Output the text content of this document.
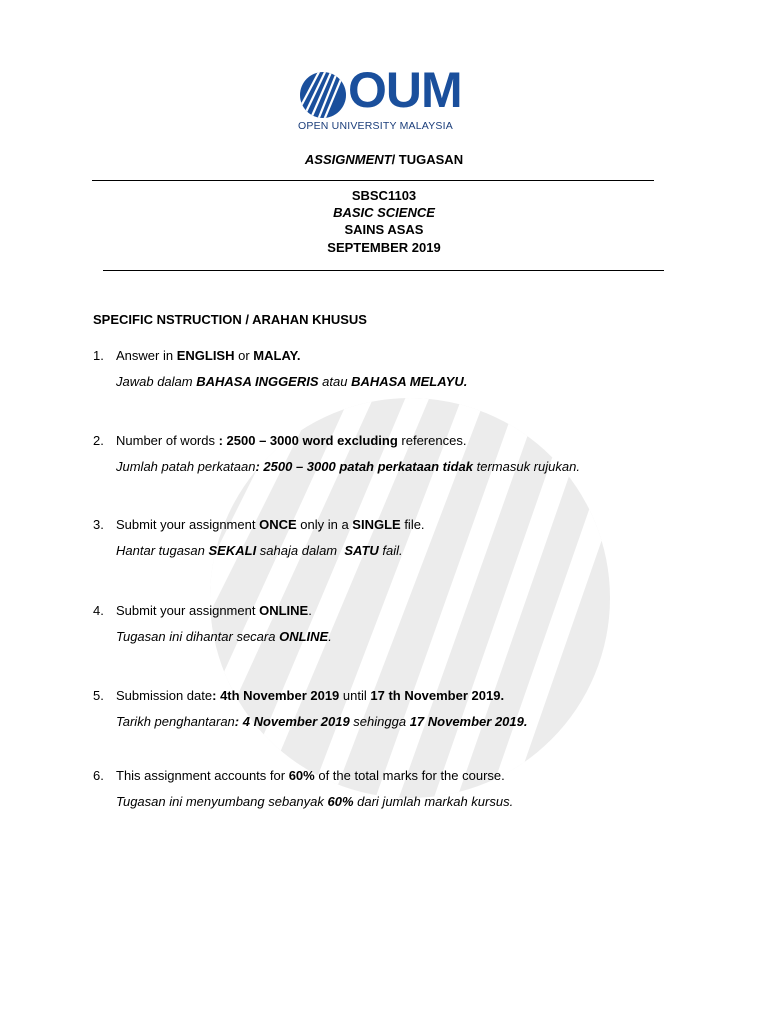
OUM
OPEN UNIVERSITY MALAYSIA
ASSIGNMENT/ TUGASAN
SBSC1103
BASIC SCIENCE
SAINS ASAS
SEPTEMBER 2019
SPECIFIC NSTRUCTION / ARAHAN KHUSUS
1. Answer in ENGLISH or MALAY.
Jawab dalam BAHASA INGGERIS atau BAHASA MELAYU.
2. Number of words : 2500 – 3000 word excluding references.
Jumlah patah perkataan: 2500 – 3000 patah perkataan tidak termasuk rujukan.
3. Submit your assignment ONCE only in a SINGLE file.
Hantar tugasan SEKALI sahaja dalam  SATU fail.
4. Submit your assignment ONLINE.
Tugasan ini dihantar secara ONLINE.
5. Submission date: 4th November 2019 until 17 th November 2019.
Tarikh penghantaran: 4 November 2019 sehingga 17 November 2019.
6. This assignment accounts for 60% of the total marks for the course.
Tugasan ini menyumbang sebanyak 60% dari jumlah markah kursus.
